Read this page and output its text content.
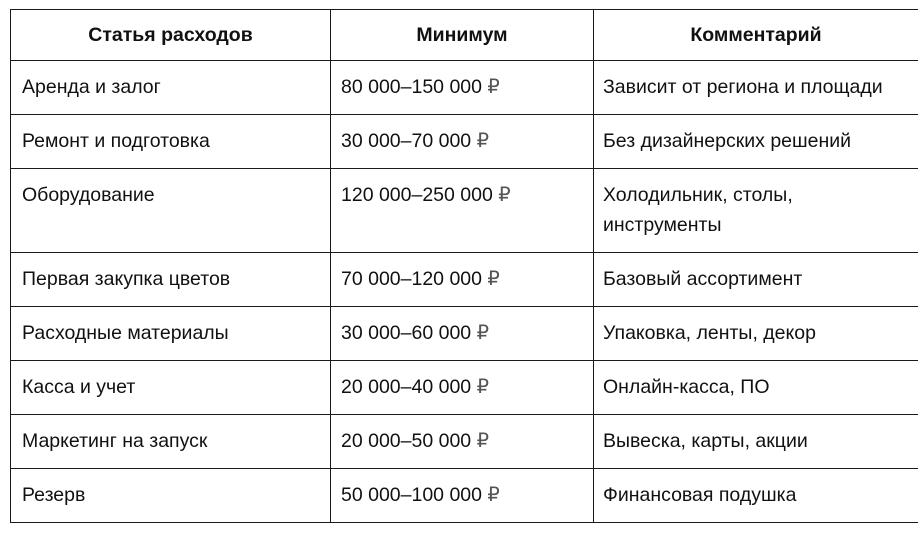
Статья расходов	Минимум	Комментарий
Аренда и залог	80 000–150 000 ₽	Зависит от региона и площади
Ремонт и подготовка	30 000–70 000 ₽	Без дизайнерских решений
Оборудование	120 000–250 000 ₽	Холодильник, столы, инструменты
Первая закупка цветов	70 000–120 000 ₽	Базовый ассортимент
Расходные материалы	30 000–60 000 ₽	Упаковка, ленты, декор
Касса и учет	20 000–40 000 ₽	Онлайн-касса, ПО
Маркетинг на запуск	20 000–50 000 ₽	Вывеска, карты, акции
Резерв	50 000–100 000 ₽	Финансовая подушка
